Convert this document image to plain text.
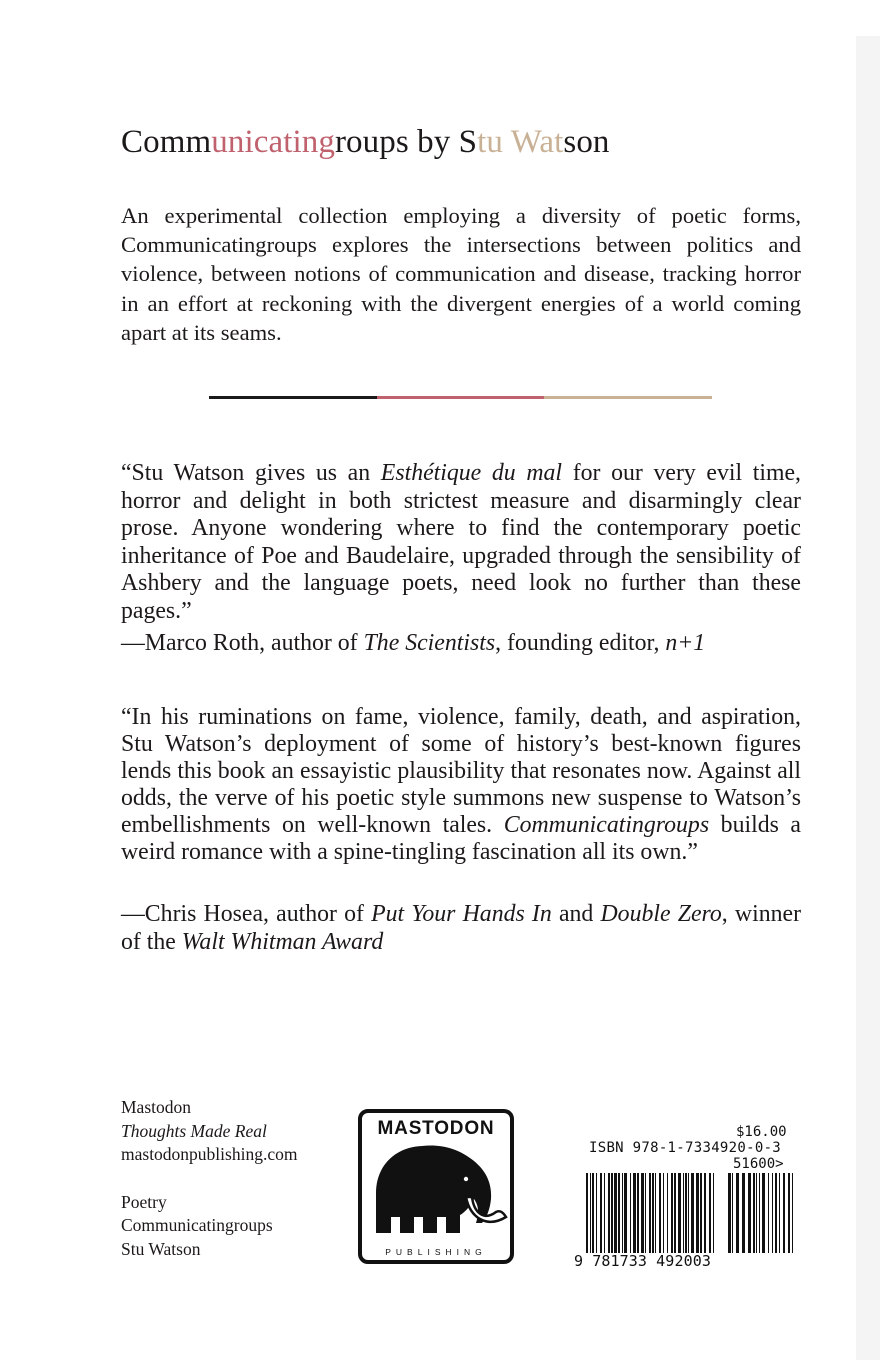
Communicatingroups by Stu Watson

An experimental collection employing a diversity of poetic forms, Communicatingroups explores the intersections between politics and violence, between notions of communication and disease, tracking horror in an effort at reckoning with the divergent energies of a world coming apart at its seams.

“Stu Watson gives us an Esthétique du mal for our very evil time, horror and delight in both strictest measure and disarmingly clear prose. Anyone wondering where to find the contemporary poetic inheritance of Poe and Baudelaire, upgraded through the sensibility of Ashbery and the language poets, need look no further than these pages.”

—Marco Roth, author of The Scientists, founding editor, n+1

“In his ruminations on fame, violence, family, death, and aspiration, Stu Watson’s deployment of some of history’s best-known figures lends this book an essayistic plausibility that resonates now. Against all odds, the verve of his poetic style summons new suspense to Watson’s embellishments on well-known tales. Communicatingroups builds a weird romance with a spine-tingling fascination all its own.”

—Chris Hosea, author of Put Your Hands In and Double Zero, winner of the Walt Whitman Award

Mastodon
Thoughts Made Real
mastodonpublishing.com
Poetry
Communicatingroups
Stu Watson
MASTODON
PUBLISHING
$16.00
ISBN 978-1-7334920-0-3
51600>
9 781733 492003
